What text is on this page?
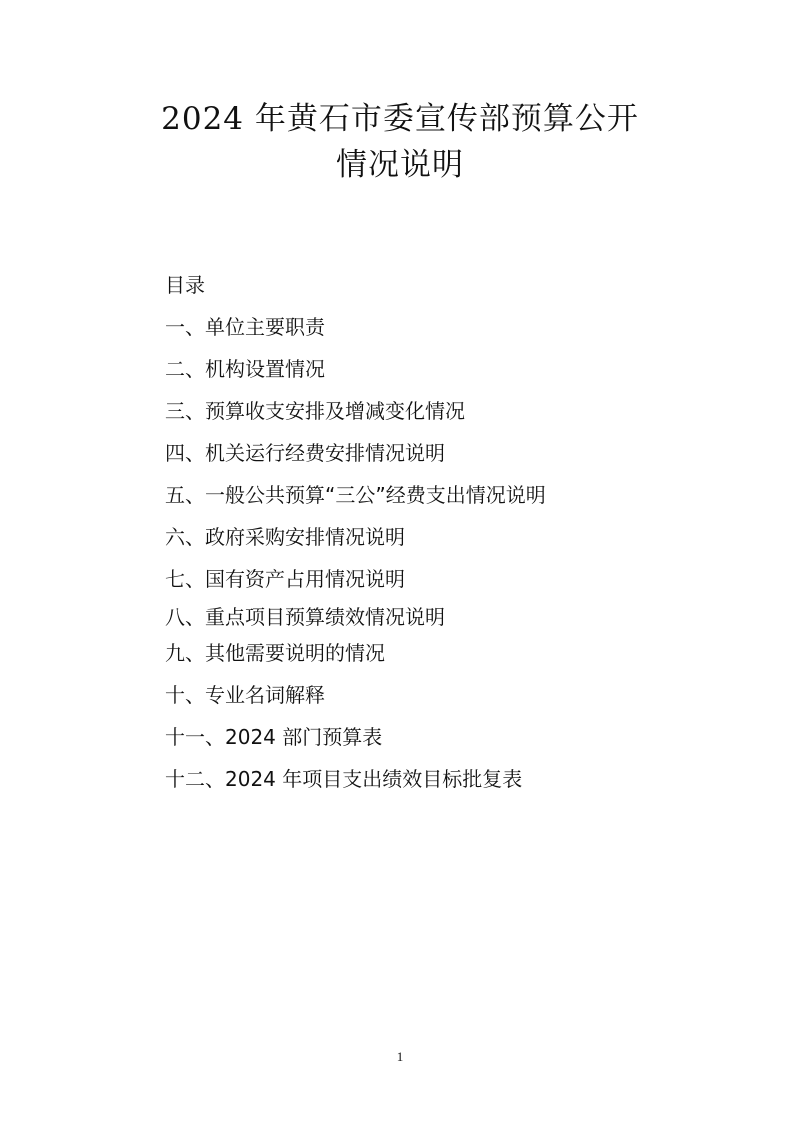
2024 年黄石市委宣传部预算公开
情况说明
目录
一、单位主要职责
二、机构设置情况
三、预算收支安排及增减变化情况
四、机关运行经费安排情况说明
五、一般公共预算“三公”经费支出情况说明
六、政府采购安排情况说明
七、国有资产占用情况说明
八、重点项目预算绩效情况说明
九、其他需要说明的情况
十、专业名词解释
十一、2024 部门预算表
十二、2024 年项目支出绩效目标批复表
1
